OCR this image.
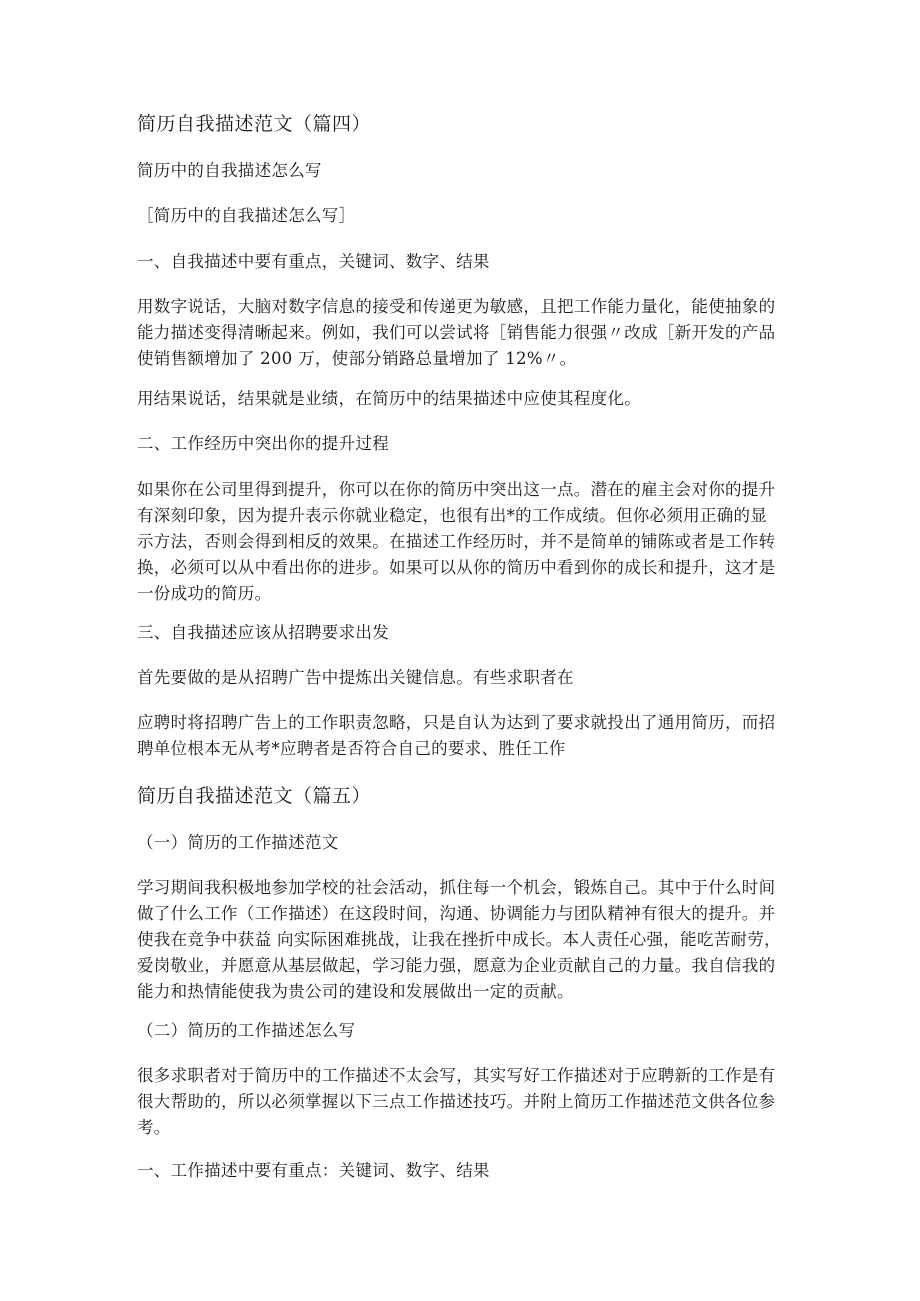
简历自我描述范文（篇四）

简历中的自我描述怎么写

［简历中的自我描述怎么写］

一、自我描述中要有重点，关键词、数字、结果

用数字说话，大脑对数字信息的接受和传递更为敏感，且把工作能力量化，能使抽象的
能力描述变得清晰起来。例如，我们可以尝试将［销售能力很强〃改成［新开发的产品
使销售额增加了 200 万，使部分销路总量增加了 12%〃。

用结果说话，结果就是业绩，在简历中的结果描述中应使其程度化。

二、工作经历中突出你的提升过程

如果你在公司里得到提升，你可以在你的简历中突出这一点。潜在的雇主会对你的提升
有深刻印象，因为提升表示你就业稳定，也很有出*的工作成绩。但你必须用正确的显
示方法，否则会得到相反的效果。在描述工作经历时，并不是简单的铺陈或者是工作转
换，必须可以从中看出你的进步。如果可以从你的简历中看到你的成长和提升，这才是
一份成功的简历。

三、自我描述应该从招聘要求出发

首先要做的是从招聘广告中提炼出关键信息。有些求职者在

应聘时将招聘广告上的工作职责忽略，只是自认为达到了要求就投出了通用简历，而招
聘单位根本无从考*应聘者是否符合自己的要求、胜任工作

简历自我描述范文（篇五）

（一）简历的工作描述范文

学习期间我积极地参加学校的社会活动，抓住每一个机会，锻炼自己。其中于什么时间
做了什么工作（工作描述）在这段时间，沟通、协调能力与团队精神有很大的提升。并
使我在竞争中获益 向实际困难挑战，让我在挫折中成长。本人责任心强，能吃苦耐劳，
爱岗敬业，并愿意从基层做起，学习能力强，愿意为企业贡献自己的力量。我自信我的
能力和热情能使我为贵公司的建设和发展做出一定的贡献。

（二）简历的工作描述怎么写

很多求职者对于简历中的工作描述不太会写，其实写好工作描述对于应聘新的工作是有
很大帮助的，所以必须掌握以下三点工作描述技巧。并附上简历工作描述范文供各位参
考。

一、工作描述中要有重点：关键词、数字、结果
